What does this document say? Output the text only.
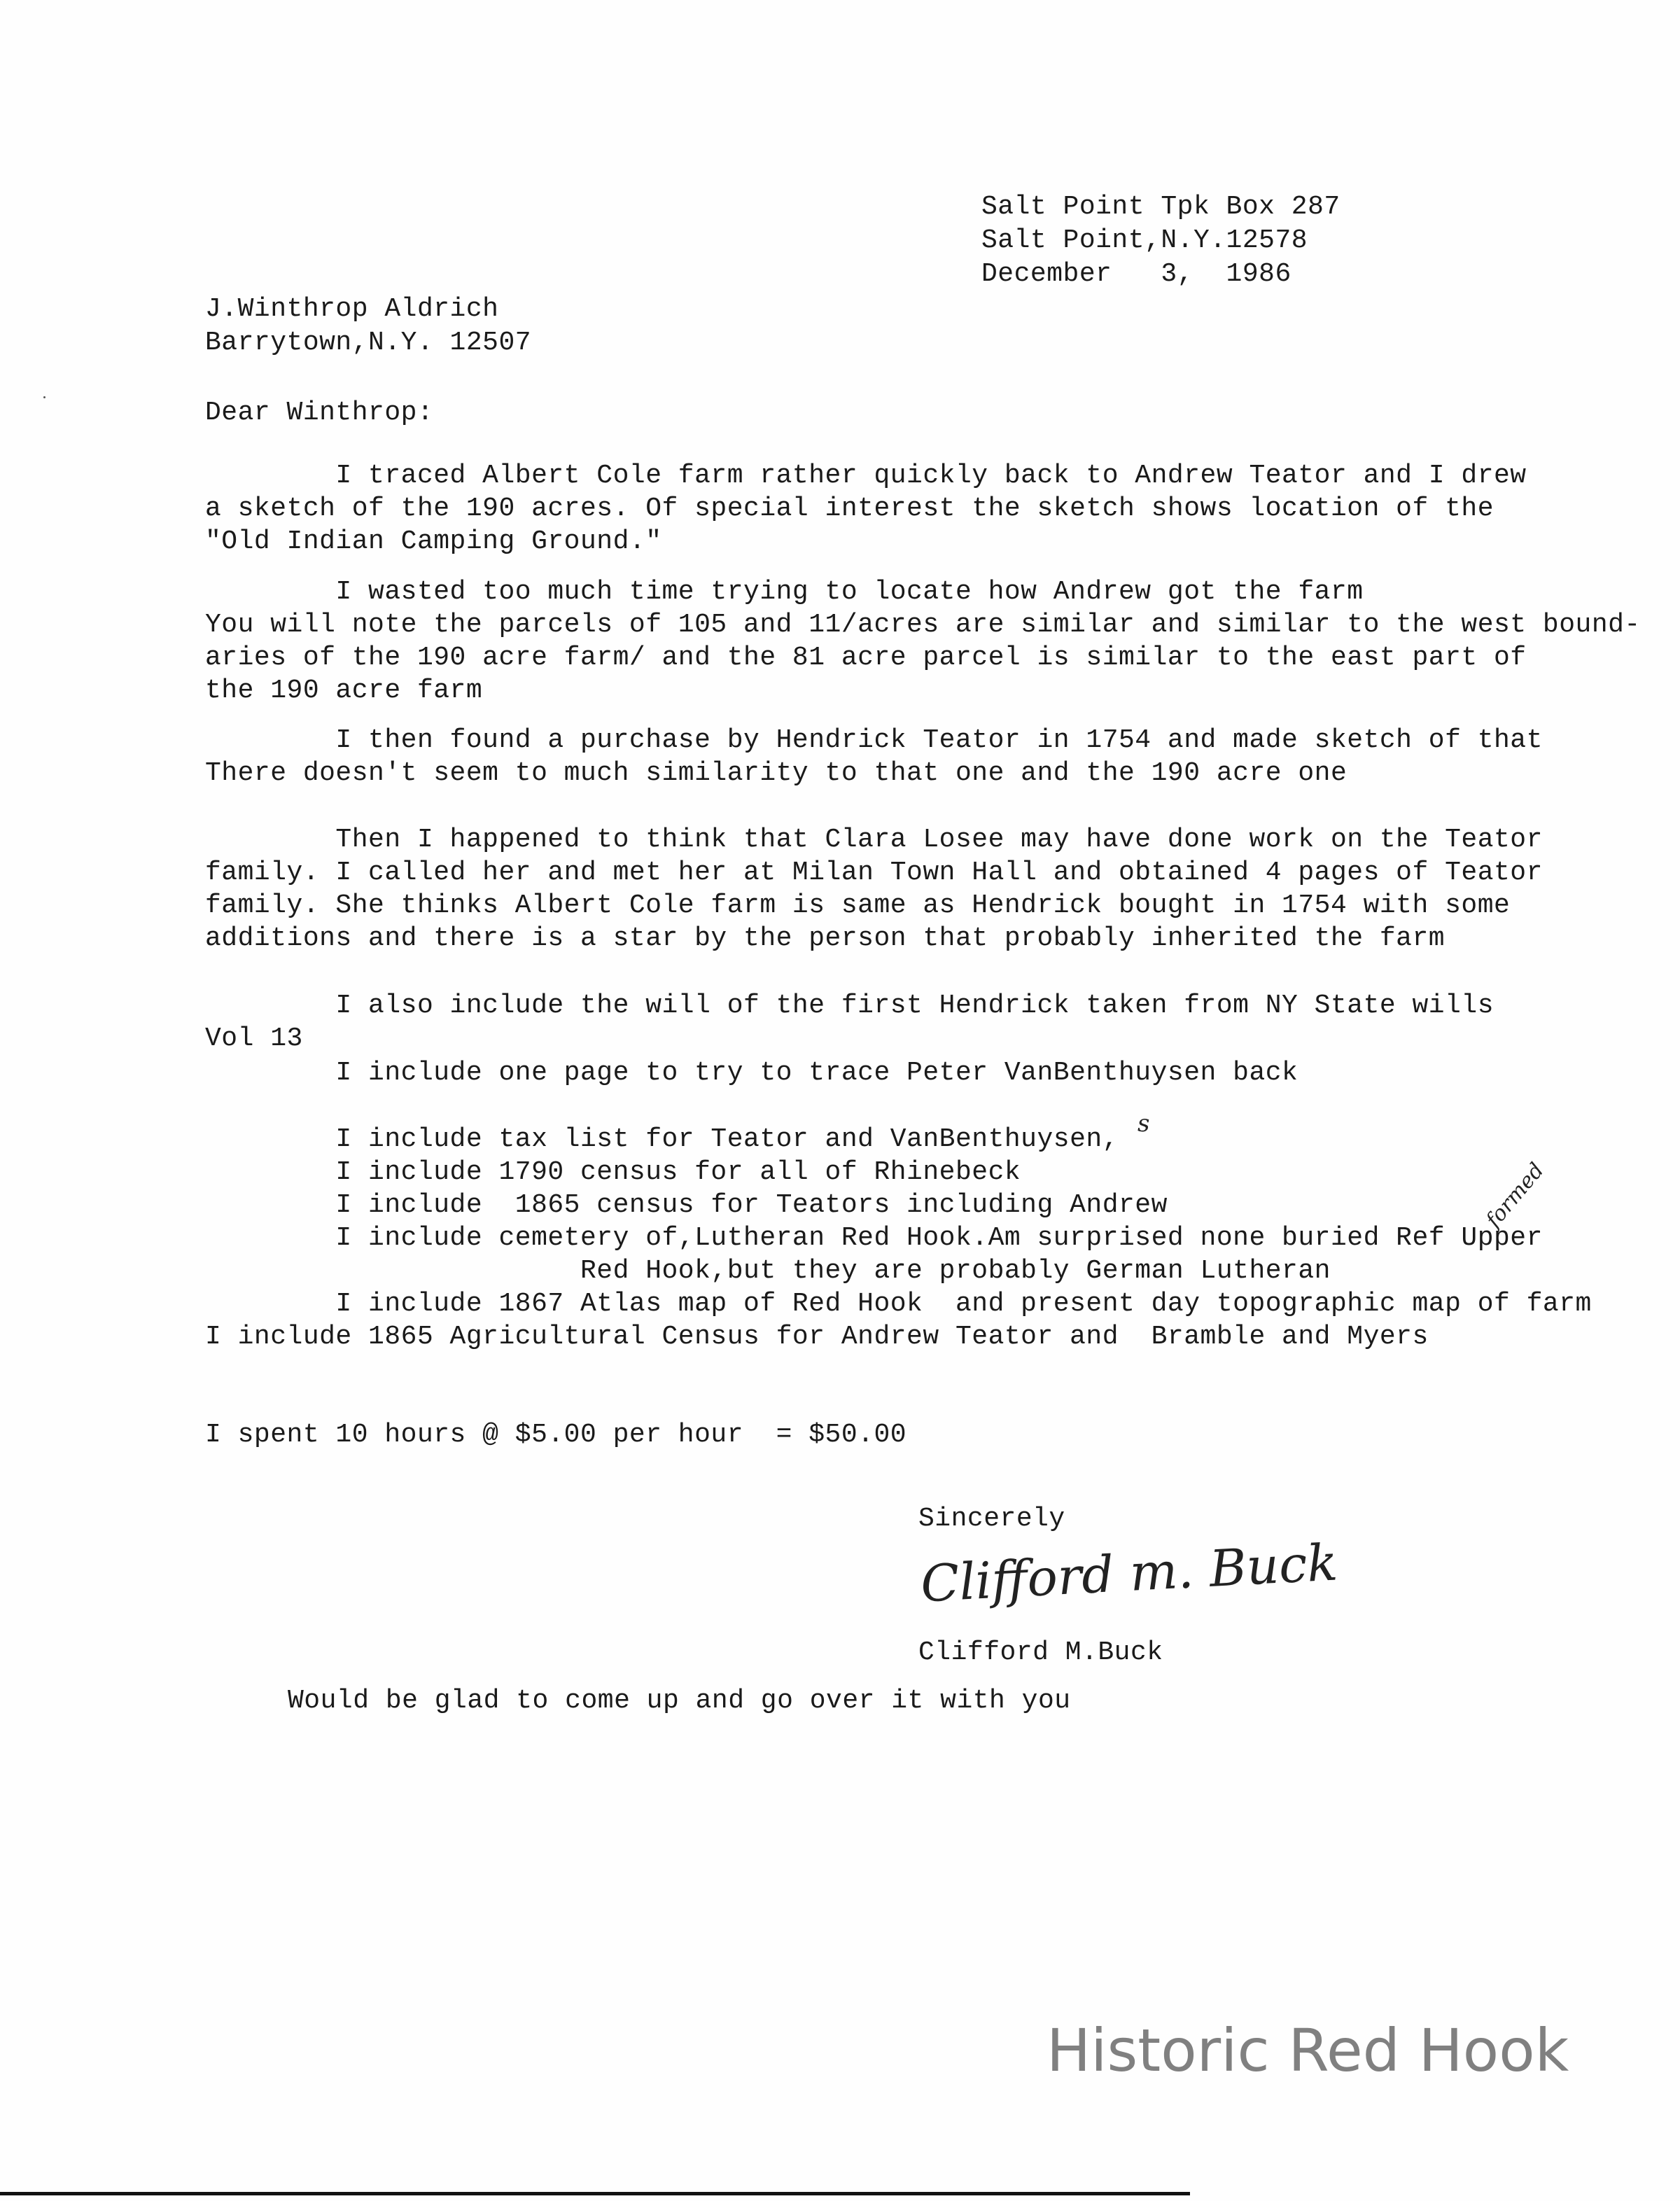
Salt Point Tpk Box 287
Salt Point,N.Y.12578
December   3,  1986
J.Winthrop Aldrich
Barrytown,N.Y. 12507
Dear Winthrop:
I traced Albert Cole farm rather quickly back to Andrew Teator and I drew
a sketch of the 190 acres. Of special interest the sketch shows location of the
"Old Indian Camping Ground."
I wasted too much time trying to locate how Andrew got the farm
You will note the parcels of 105 and 11/acres are similar and similar to the west bound-
aries of the 190 acre farm/ and the 81 acre parcel is similar to the east part of
the 190 acre farm
I then found a purchase by Hendrick Teator in 1754 and made sketch of that
There doesn't seem to much similarity to that one and the 190 acre one
Then I happened to think that Clara Losee may have done work on the Teator
family. I called her and met her at Milan Town Hall and obtained 4 pages of Teator
family. She thinks Albert Cole farm is same as Hendrick bought in 1754 with some
additions and there is a star by the person that probably inherited the farm
I also include the will of the first Hendrick taken from NY State wills
Vol 13
I include one page to try to trace Peter VanBenthuysen back
I include tax list for Teator and VanBenthuysen,
I include 1790 census for all of Rhinebeck
I include  1865 census for Teators including Andrew
I include cemetery of,Lutheran Red Hook.Am surprised none buried Ref Upper
Red Hook,but they are probably German Lutheran
I include 1867 Atlas map of Red Hook  and present day topographic map of farm
I include 1865 Agricultural Census for Andrew Teator and  Bramble and Myers
formed
s
I spent 10 hours @ $5.00 per hour  = $50.00
Sincerely
Clifford m. Buck
Clifford M.Buck
Would be glad to come up and go over it with you
Historic Red Hook
